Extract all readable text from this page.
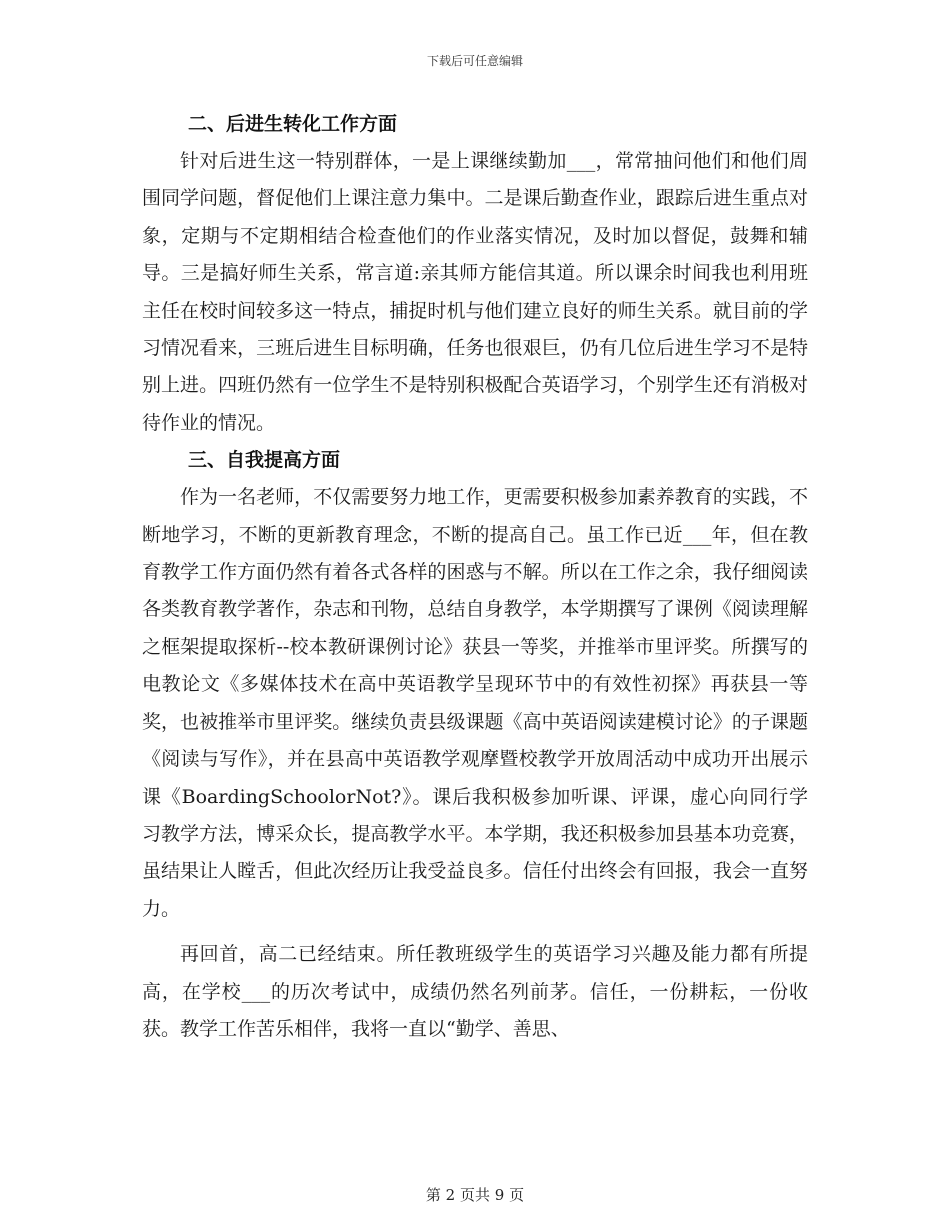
下载后可任意编辑
二、后进生转化工作方面

针对后进生这一特别群体，一是上课继续勤加___，常常抽问他们和他们周围同学问题，督促他们上课注意力集中。二是课后勤查作业，跟踪后进生重点对象，定期与不定期相结合检查他们的作业落实情况，及时加以督促，鼓舞和辅导。三是搞好师生关系，常言道:亲其师方能信其道。所以课余时间我也利用班主任在校时间较多这一特点，捕捉时机与他们建立良好的师生关系。就目前的学习情况看来，三班后进生目标明确，任务也很艰巨，仍有几位后进生学习不是特别上进。四班仍然有一位学生不是特别积极配合英语学习，个别学生还有消极对待作业的情况。

三、自我提高方面

作为一名老师，不仅需要努力地工作，更需要积极参加素养教育的实践，不断地学习，不断的更新教育理念，不断的提高自己。虽工作已近___年，但在教育教学工作方面仍然有着各式各样的困惑与不解。所以在工作之余，我仔细阅读各类教育教学著作，杂志和刊物，总结自身教学，本学期撰写了课例《阅读理解之框架提取探析--校本教研课例讨论》获县一等奖，并推举市里评奖。所撰写的电教论文《多媒体技术在高中英语教学呈现环节中的有效性初探》再获县一等奖，也被推举市里评奖。继续负责县级课题《高中英语阅读建模讨论》的子课题《阅读与写作》，并在县高中英语教学观摩暨校教学开放周活动中成功开出展示课《BoardingSchoolorNot?》。课后我积极参加听课、评课，虚心向同行学习教学方法，博采众长，提高教学水平。本学期，我还积极参加县基本功竞赛，虽结果让人瞠舌，但此次经历让我受益良多。信任付出终会有回报，我会一直努力。

再回首，高二已经结束。所任教班级学生的英语学习兴趣及能力都有所提高，在学校___的历次考试中，成绩仍然名列前茅。信任，一份耕耘，一份收获。教学工作苦乐相伴，我将一直以“勤学、善思、

第 2 页共 9 页
